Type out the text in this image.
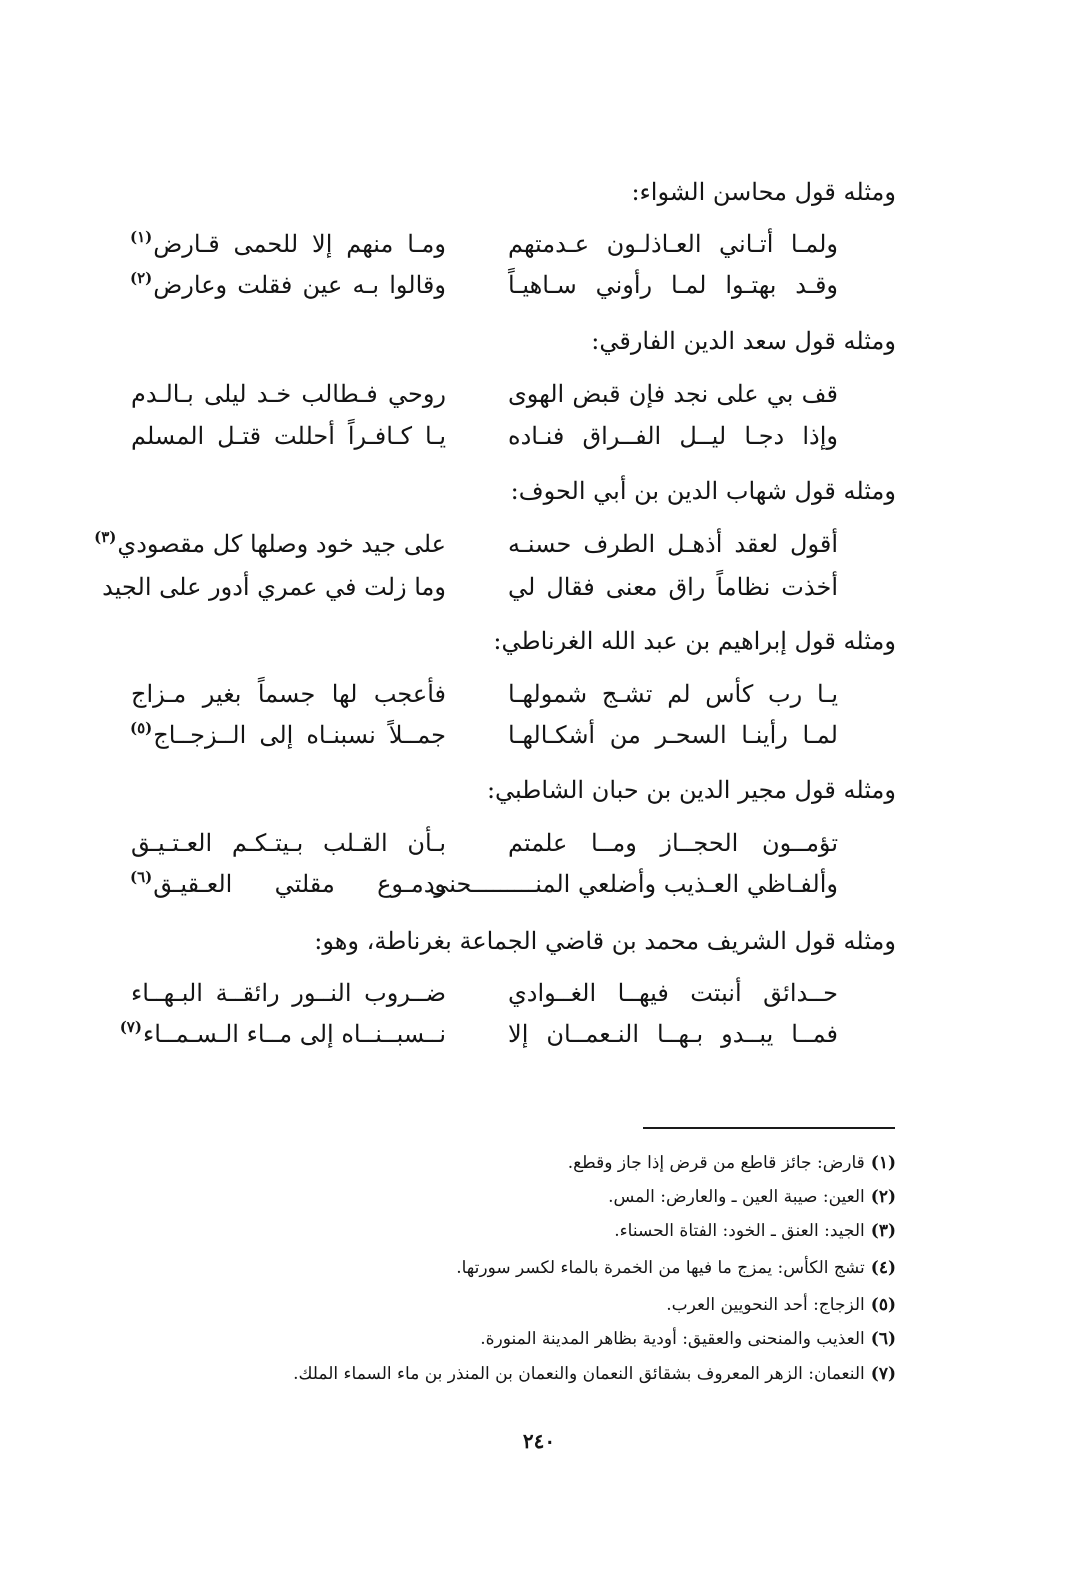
ومثله قول محاسن الشواء:
ولمـا أتـاني العـاذلـون عـدمتهم
ومـا منهم إلا للحمى قـارض$^{(١)}$
وقـد بهتـوا لمـا رأوني سـاهيـاً
وقالوا بـه عين فقلت وعارض$^{(٢)}$
ومثله قول سعد الدين الفارقي:
قف بي على نجد فإن قبض الهوى
روحي فـطالب خـد ليلى بـالـدم
وإذا دجـا ليــل الفــراق فنـاده
يـا كـافـراً أحللت قتـل المسلم
ومثله قول شهاب الدين بن أبي الحوف:
أقول لعقد أذهـل الطرف حسنـه
على جيد خود وصلها كل مقصودي$^{(٣)}$
أخذت نظاماً راق معنى فقال لي
وما زلت في عمري أدور على الجيد
ومثله قول إبراهيم بن عبد الله الغرناطي:
يـا رب كأس لم تشـج شمولهـا
فأعجب لها جسماً بغير مـزاج
لمـا رأينـا السحـر من أشكـالهـا
جمــلاً نسبنـاه إلى الــزجــاج$^{(٥)}$
ومثله قول مجير الدين بن حبان الشاطبي:
تؤمــون الحجــاز ومــا علمتم
بـأن القـلب بـيتـكـم العـتـيـق
وألفـاظي العـذيب وأضلعي المنـــــــــحنى
ودمـوع مقلتي العـقيـق$^{(٦)}$
ومثله قول الشريف محمد بن قاضي الجماعة بغرناطة، وهو:
حــدائق أنبتت فيهــا الغــوادي
ضــروب النــور رائقــة البـهــاء
فمــا يبــدو بـهــا النـعمــان إلا
نــسبــنــاه إلى مــاء الـسـمــاء$^{(٧)}$
(١)قارض: جائز قاطع من قرض إذا جاز وقطع.
(٢)العين: صيبة العين ـ والعارض: المس.
(٣)الجيد: العنق ـ الخود: الفتاة الحسناء.
(٤)تشج الكأس: يمزج ما فيها من الخمرة بالماء لكسر سورتها.
(٥)الزجاج: أحد النحويين العرب.
(٦)العذيب والمنحنى والعقيق: أودية بظاهر المدينة المنورة.
(٧)النعمان: الزهر المعروف بشقائق النعمان والنعمان بن المنذر بن ماء السماء الملك.
٢٤٠
